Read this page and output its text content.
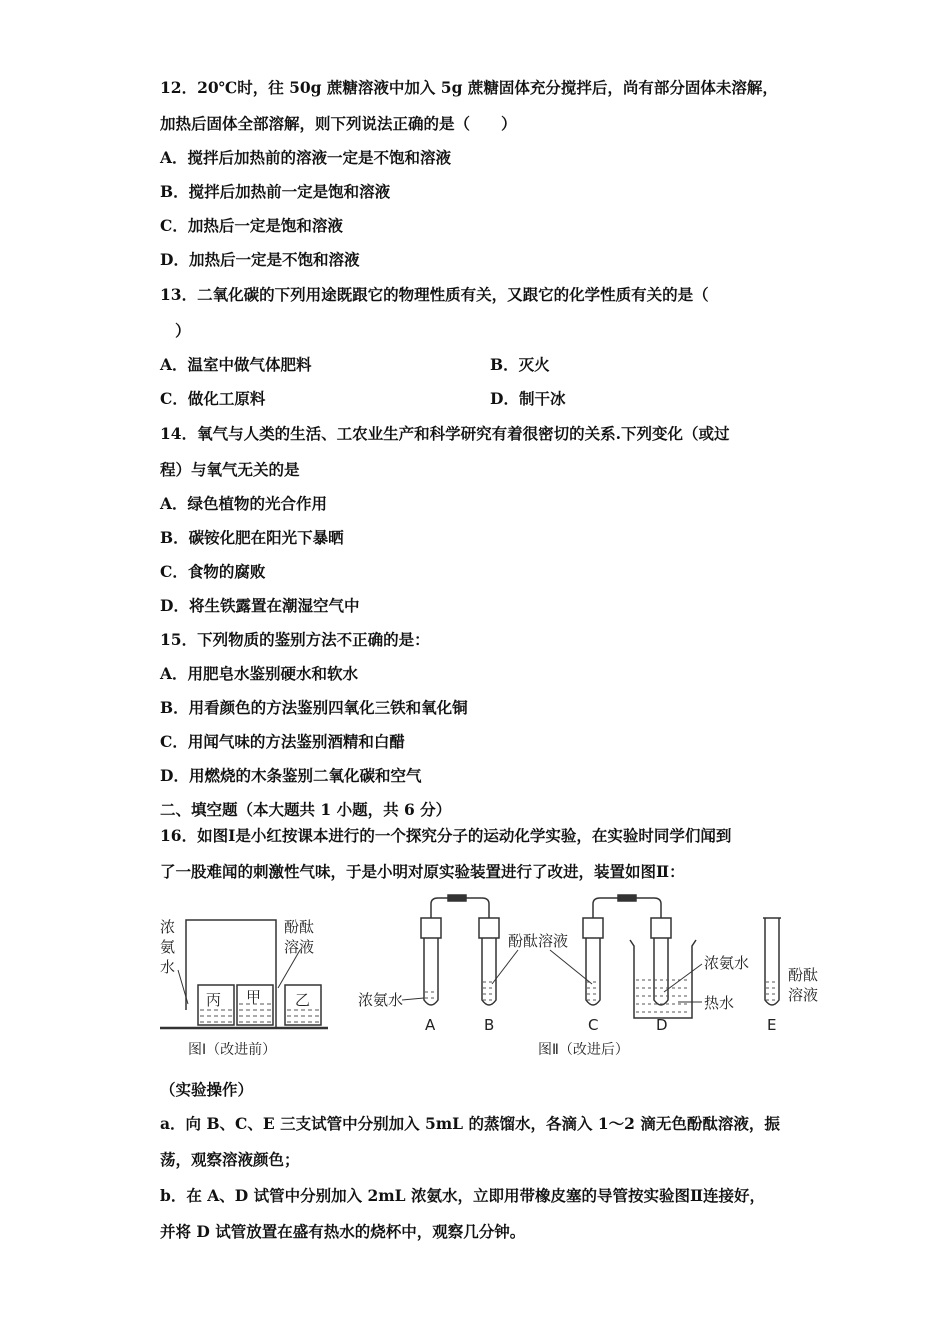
12．20℃时，往 50g 蔗糖溶液中加入 5g 蔗糖固体充分搅拌后，尚有部分固体未溶解，
加热后固体全部溶解，则下列说法正确的是（　　）
A．搅拌后加热前的溶液一定是不饱和溶液
B．搅拌后加热前一定是饱和溶液
C．加热后一定是饱和溶液
D．加热后一定是不饱和溶液
13．二氧化碳的下列用途既跟它的物理性质有关，又跟它的化学性质有关的是（
）
A．温室中做气体肥料	B．灭火
C．做化工原料	D．制干冰
14．氧气与人类的生活、工农业生产和科学研究有着很密切的关系.下列变化（或过
程）与氧气无关的是
A．绿色植物的光合作用
B．碳铵化肥在阳光下暴晒
C．食物的腐败
D．将生铁露置在潮湿空气中
15．下列物质的鉴别方法不正确的是：
A．用肥皂水鉴别硬水和软水
B．用看颜色的方法鉴别四氧化三铁和氧化铜
C．用闻气味的方法鉴别酒精和白醋
D．用燃烧的木条鉴别二氧化碳和空气
二、填空题（本大题共 1 小题，共 6 分）
16．如图Ⅰ是小红按课本进行的一个探究分子的运动化学实验，在实验时同学们闻到
了一股难闻的刺激性气味，于是小明对原实验装置进行了改进，装置如图Ⅱ：
浓
氨
水
酚酞
溶液
丙 甲 乙
图Ⅰ（改进前）
浓氨水
酚酞溶液
浓氨水
热水
酚酞
溶液
A	B	C	D	E
图Ⅱ（改进后）
（实验操作）
a．向 B、C、E 三支试管中分别加入 5mL 的蒸馏水，各滴入 1～2 滴无色酚酞溶液，振
荡，观察溶液颜色；
b．在 A、D 试管中分别加入 2mL 浓氨水，立即用带橡皮塞的导管按实验图Ⅱ连接好，
并将 D 试管放置在盛有热水的烧杯中，观察几分钟。
